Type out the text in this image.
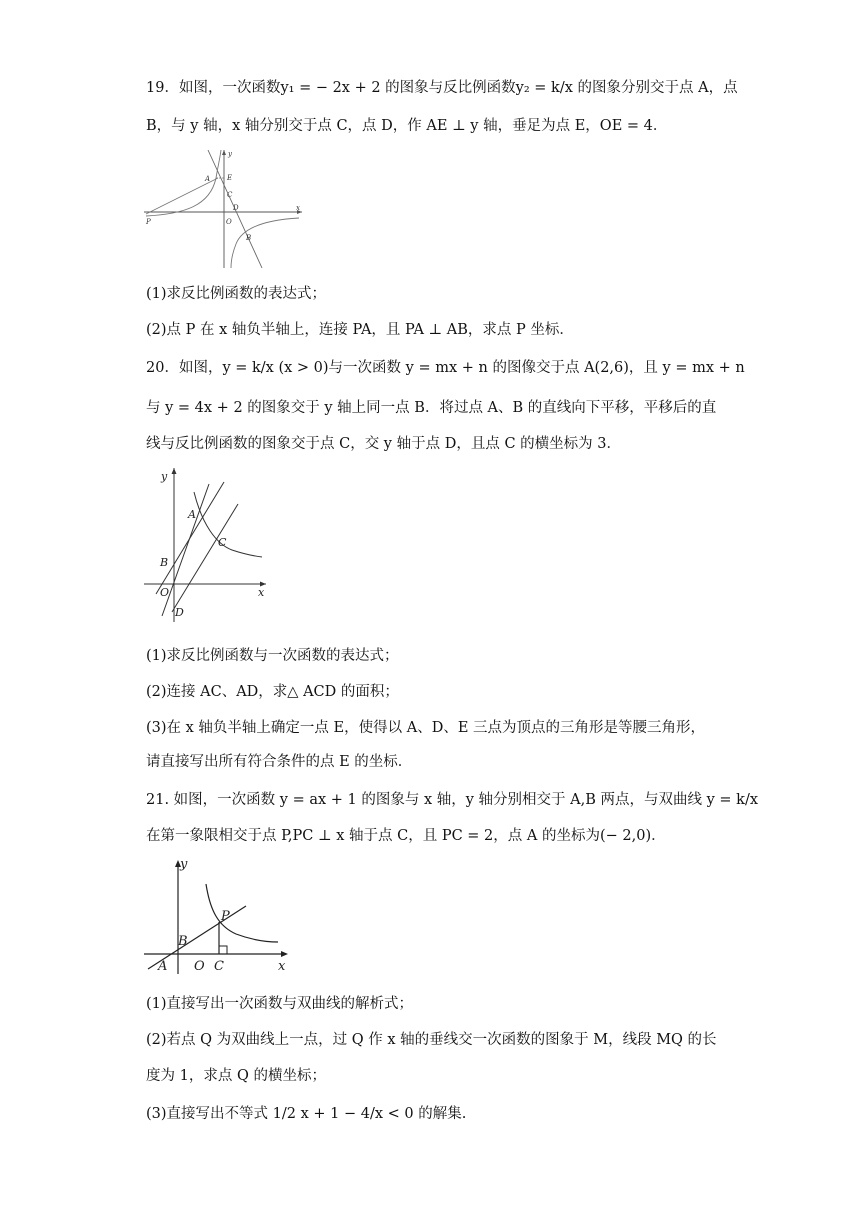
19．如图，一次函数y₁ = − 2x + 2 的图象与反比例函数y₂ = k/x 的图象分别交于点 A，点
B，与 y 轴，x 轴分别交于点 C，点 D，作 AE ⊥ y 轴，垂足为点 E，OE = 4．
y
x
A E
C
D
O
B
P
(1)求反比例函数的表达式；
(2)点 P 在 x 轴负半轴上，连接 PA，且 PA ⊥ AB，求点 P 坐标．
20．如图，y = k/x (x > 0)与一次函数 y = mx + n 的图像交于点 A(2,6)，且 y = mx + n
与 y = 4x + 2 的图象交于 y 轴上同一点 B．将过点 A、B 的直线向下平移，平移后的直
线与反比例函数的图象交于点 C，交 y 轴于点 D，且点 C 的横坐标为 3．
A
B
C
O
D
y
x
(1)求反比例函数与一次函数的表达式；
(2)连接 AC、AD，求△ ACD 的面积；
(3)在 x 轴负半轴上确定一点 E，使得以 A、D、E 三点为顶点的三角形是等腰三角形，
请直接写出所有符合条件的点 E 的坐标．
21. 如图，一次函数 y = ax + 1 的图象与 x 轴，y 轴分别相交于 A,B 两点，与双曲线 y = k/x
在第一象限相交于点 P,PC ⊥ x 轴于点 C，且 PC = 2，点 A 的坐标为(− 2,0)．
y
x
P
B
A O C
(1)直接写出一次函数与双曲线的解析式；
(2)若点 Q 为双曲线上一点，过 Q 作 x 轴的垂线交一次函数的图象于 M，线段 MQ 的长
度为 1，求点 Q 的横坐标；
(3)直接写出不等式 1/2 x + 1 − 4/x < 0 的解集.
